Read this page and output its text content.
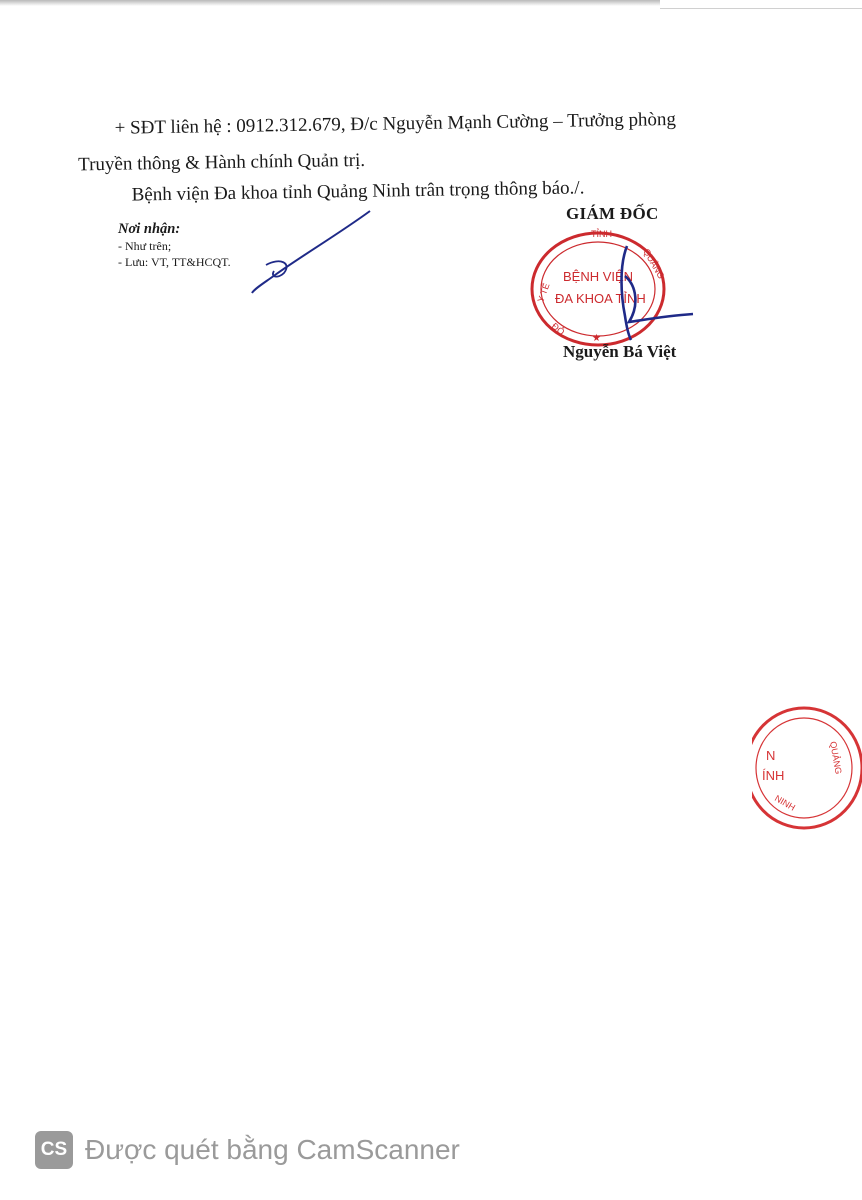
+ SĐT liên hệ : 0912.312.679, Đ/c Nguyễn Mạnh Cường – Trưởng phòng
Truyền thông & Hành chính Quản trị.
Bệnh viện Đa khoa tỉnh Quảng Ninh trân trọng thông báo./.
Nơi nhận:
- Như trên;
- Lưu: VT, TT&HCQT.
GIÁM ĐỐC
TỈNH
Y TẾ
QUẢNG
ĐỘ
★
BỆNH VIỆN
ĐA KHOA TỈNH
Nguyễn Bá Việt
N
ÍNH
QUẢNG
NINH
CS Được quét bằng CamScanner
